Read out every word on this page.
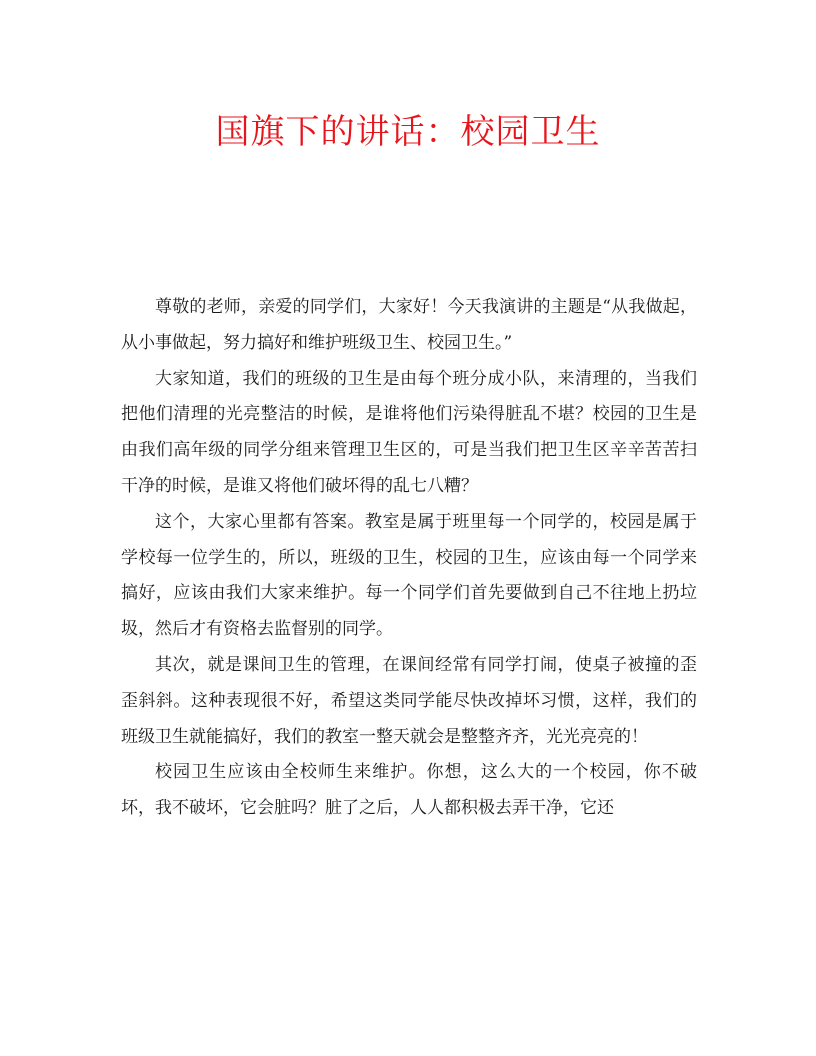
国旗下的讲话：校园卫生

尊敬的老师，亲爱的同学们，大家好！今天我演讲的主题是“从我做起，从小事做起，努力搞好和维护班级卫生、校园卫生。”

大家知道，我们的班级的卫生是由每个班分成小队，来清理的，当我们把他们清理的光亮整洁的时候，是谁将他们污染得脏乱不堪？校园的卫生是由我们高年级的同学分组来管理卫生区的，可是当我们把卫生区辛辛苦苦扫干净的时候，是谁又将他们破坏得的乱七八糟？

这个，大家心里都有答案。教室是属于班里每一个同学的，校园是属于学校每一位学生的，所以，班级的卫生，校园的卫生，应该由每一个同学来搞好，应该由我们大家来维护。每一个同学们首先要做到自己不往地上扔垃圾，然后才有资格去监督别的同学。

其次，就是课间卫生的管理，在课间经常有同学打闹，使桌子被撞的歪歪斜斜。这种表现很不好，希望这类同学能尽快改掉坏习惯，这样，我们的班级卫生就能搞好，我们的教室一整天就会是整整齐齐，光光亮亮的！

校园卫生应该由全校师生来维护。你想，这么大的一个校园，你不破坏，我不破坏，它会脏吗？脏了之后，人人都积极去弄干净，它还
